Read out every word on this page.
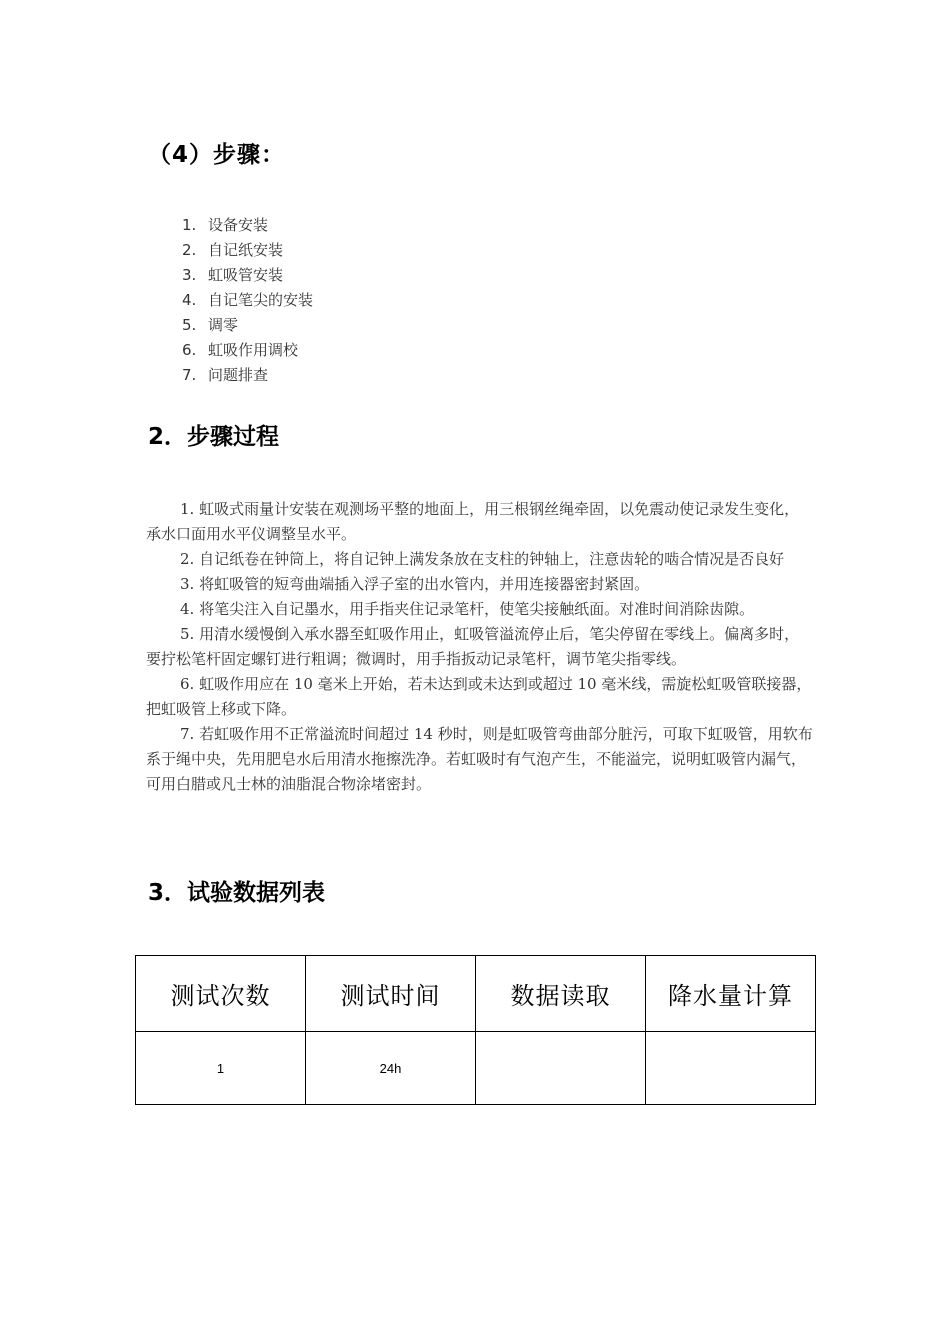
（4）步骤：
1. 设备安装
2. 自记纸安装
3. 虹吸管安装
4. 自记笔尖的安装
5. 调零
6. 虹吸作用调校
7. 问题排查
2．步骤过程

1. 虹吸式雨量计安装在观测场平整的地面上，用三根钢丝绳牵固，以免震动使记录发生变化，承水口面用水平仪调整呈水平。

2. 自记纸卷在钟筒上，将自记钟上满发条放在支柱的钟轴上，注意齿轮的啮合情况是否良好

3. 将虹吸管的短弯曲端插入浮子室的出水管内，并用连接器密封紧固。

4. 将笔尖注入自记墨水，用手指夹住记录笔杆，使笔尖接触纸面。对准时间消除齿隙。

5. 用清水缓慢倒入承水器至虹吸作用止，虹吸管溢流停止后，笔尖停留在零线上。偏离多时，要拧松笔杆固定螺钉进行粗调；微调时，用手指扳动记录笔杆，调节笔尖指零线。

6. 虹吸作用应在 10 毫米上开始，若未达到或未达到或超过 10 毫米线，需旋松虹吸管联接器，把虹吸管上移或下降。

7. 若虹吸作用不正常溢流时间超过 14 秒时，则是虹吸管弯曲部分脏污，可取下虹吸管，用软布系于绳中央，先用肥皂水后用清水拖擦洗净。若虹吸时有气泡产生，不能溢完，说明虹吸管内漏气，可用白腊或凡士林的油脂混合物涂堵密封。

3．试验数据列表
测试次数	测试时间	数据读取	降水量计算
1	24h		
